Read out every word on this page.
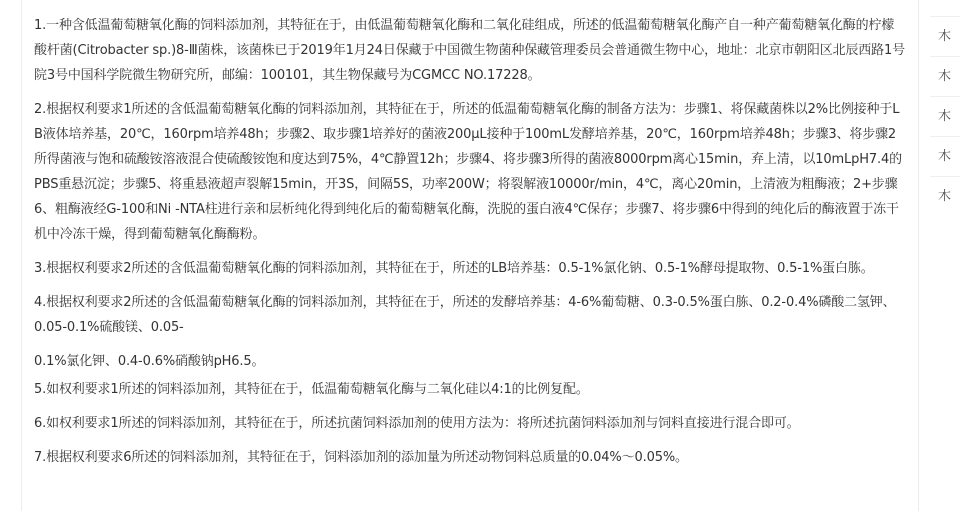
1.一种含低温葡萄糖氧化酶的饲料添加剂，其特征在于，由低温葡萄糖氧化酶和二氧化硅组成，所述的低温葡萄糖氧化酶产自一种产葡萄糖氧化酶的柠檬酸杆菌(Citrobacter sp.)8-Ⅲ菌株，该菌株已于2019年1月24日保藏于中国微生物菌种保藏管理委员会普通微生物中心，地址：北京市朝阳区北辰西路1号院3号中国科学院微生物研究所，邮编：100101，其生物保藏号为CGMCC NO.17228。

2.根据权利要求1所述的含低温葡萄糖氧化酶的饲料添加剂，其特征在于，所述的低温葡萄糖氧化酶的制备方法为：步骤1、将保藏菌株以2%比例接种于LB液体培养基，20℃，160rpm培养48h；步骤2、取步骤1培养好的菌液200μL接种于100mL发酵培养基，20℃，160rpm培养48h；步骤3、将步骤2所得菌液与饱和硫酸铵溶液混合使硫酸铵饱和度达到75%，4℃静置12h；步骤4、将步骤3所得的菌液8000rpm离心15min，弃上清，以10mLpH7.4的PBS重悬沉淀；步骤5、将重悬液超声裂解15min，开3S，间隔5S，功率200W；将裂解液10000r/min，4℃，离心20min，上清液为粗酶液；2+步骤6、粗酶液经G-100和Ni -NTA柱进行亲和层析纯化得到纯化后的葡萄糖氧化酶，洗脱的蛋白液4℃保存；步骤7、将步骤6中得到的纯化后的酶液置于冻干机中冷冻干燥，得到葡萄糖氧化酶酶粉。

3.根据权利要求2所述的含低温葡萄糖氧化酶的饲料添加剂，其特征在于，所述的LB培养基：0.5-1%氯化钠、0.5-1%酵母提取物、0.5-1%蛋白胨。

4.根据权利要求2所述的含低温葡萄糖氧化酶的饲料添加剂，其特征在于，所述的发酵培养基：4-6%葡萄糖、0.3-0.5%蛋白胨、0.2-0.4%磷酸二氢钾、0.05-0.1%硫酸镁、0.05-

0.1%氯化钾、0.4-0.6%硝酸钠pH6.5。

5.如权利要求1所述的饲料添加剂，其特征在于，低温葡萄糖氧化酶与二氧化硅以4:1的比例复配。

6.如权利要求1所述的饲料添加剂，其特征在于，所述抗菌饲料添加剂的使用方法为：将所述抗菌饲料添加剂与饲料直接进行混合即可。

7.根据权利要求6所述的饲料添加剂，其特征在于，饲料添加剂的添加量为所述动物饲料总质量的0.04%～0.05%。

木
木
木
木
木
